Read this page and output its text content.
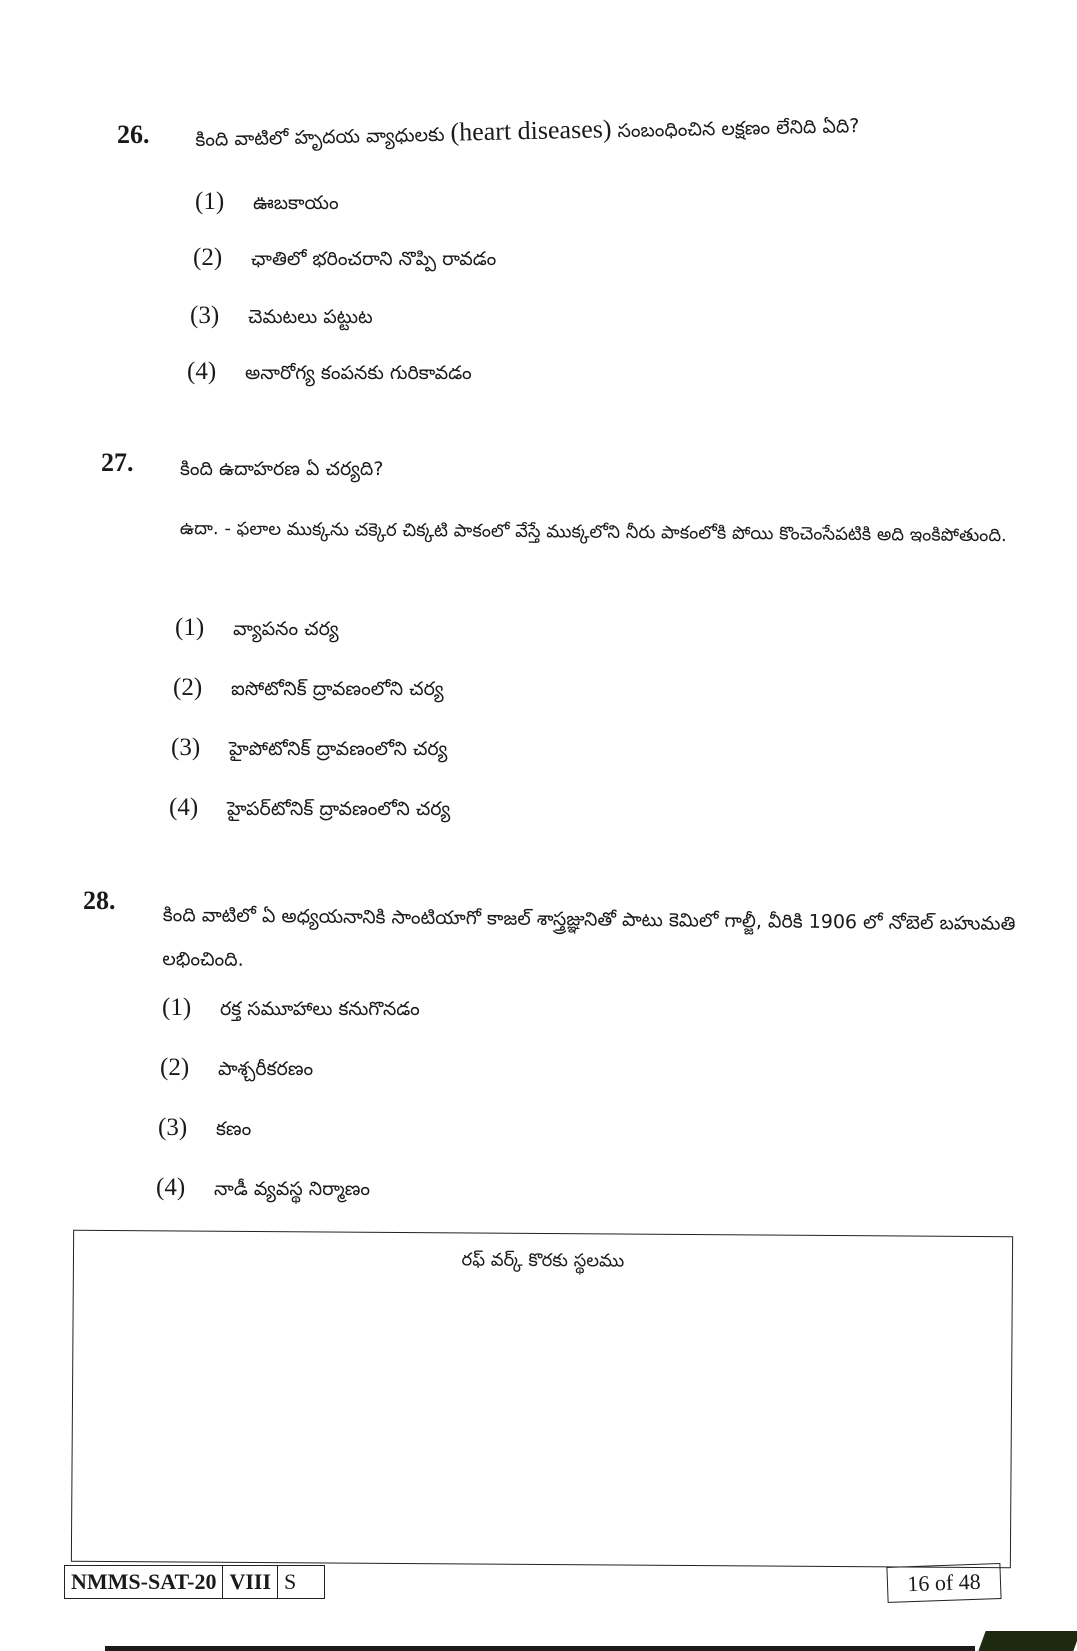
26. కింది వాటిలో హృదయ వ్యాధులకు (heart diseases) సంబంధించిన లక్షణం లేనిది ఏది?
(1)	ఊబకాయం
(2)	ఛాతిలో భరించరాని నొప్పి రావడం
(3)	చెమటలు పట్టుట
(4)	అనారోగ్య కంపనకు గురికావడం
27. కింది ఉదాహరణ ఏ చర్యది?
ఉదా. - ఫలాల ముక్కను చక్కెర చిక్కటి పాకంలో వేస్తే ముక్కలోని నీరు పాకంలోకి పోయి కొంచెంసేపటికి అది ఇంకిపోతుంది.
(1)	వ్యాపనం చర్య
(2)	ఐసోటోనిక్ ద్రావణంలోని చర్య
(3)	హైపోటోనిక్ ద్రావణంలోని చర్య
(4)	హైపర్‌టోనిక్ ద్రావణంలోని చర్య
28.
కింది వాటిలో ఏ అధ్యయనానికి సాంటియాగో కాజల్ శాస్త్రజ్ఞునితో పాటు కెమిలో గాల్జీ, వీరికి 1906 లో నోబెల్ బహుమతి లభించింది.
(1)	రక్త సమూహాలు కనుగొనడం
(2)	పాశ్చరీకరణం
(3)	కణం
(4)	నాడీ వ్యవస్థ నిర్మాణం
రఫ్ వర్క్ కొరకు స్థలము
NMMS-SAT-20 VIII S	16 of 48
